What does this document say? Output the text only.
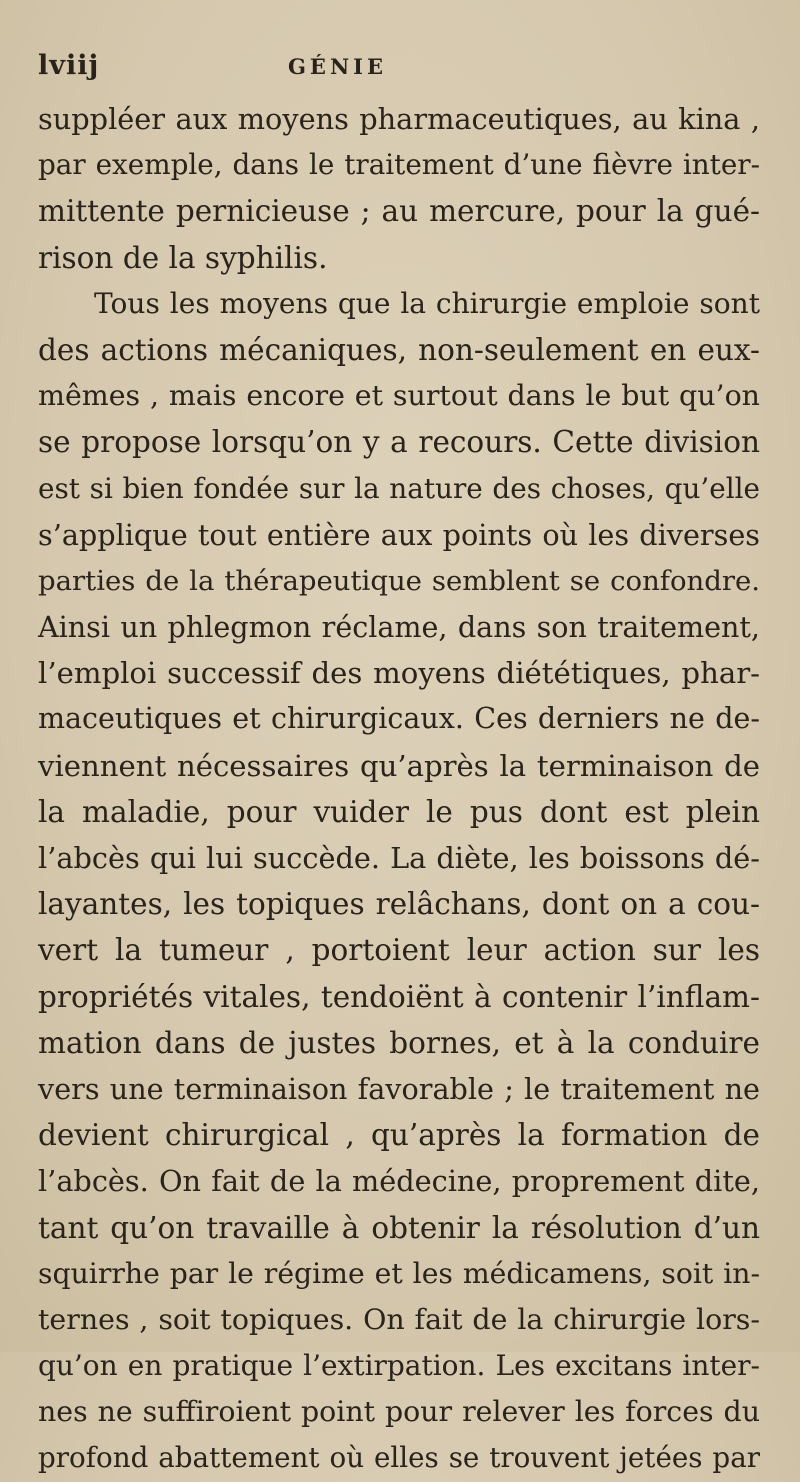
lviij	GÉNIE
suppléer aux moyens pharmaceutiques, au kina ,
par exemple, dans le traitement d’une fièvre inter-
mittente pernicieuse ; au mercure, pour la gué-
rison de la syphilis.
Tous les moyens que la chirurgie emploie sont
des actions mécaniques, non-seulement en eux-
mêmes , mais encore et surtout dans le but qu’on
se propose lorsqu’on y a recours. Cette division
est si bien fondée sur la nature des choses, qu’elle
s’applique tout entière aux points où les diverses
parties de la thérapeutique semblent se confondre.
Ainsi un phlegmon réclame, dans son traitement,
l’emploi successif des moyens diététiques, phar-
maceutiques et chirurgicaux. Ces derniers ne de-
viennent nécessaires qu’après la terminaison de
la maladie, pour vuider le pus dont est plein
l’abcès qui lui succède. La diète, les boissons dé-
layantes, les topiques relâchans, dont on a cou-
vert la tumeur , portoient leur action sur les
propriétés vitales, tendoiënt à contenir l’inflam-
mation dans de justes bornes, et à la conduire
vers une terminaison favorable ; le traitement ne
devient chirurgical , qu’après la formation de
l’abcès. On fait de la médecine, proprement dite,
tant qu’on travaille à obtenir la résolution d’un
squirrhe par le régime et les médicamens, soit in-
ternes , soit topiques. On fait de la chirurgie lors-
qu’on en pratique l’extirpation. Les excitans inter-
nes ne suffiroient point pour relever les forces du
profond abattement où elles se trouvent jetées par
